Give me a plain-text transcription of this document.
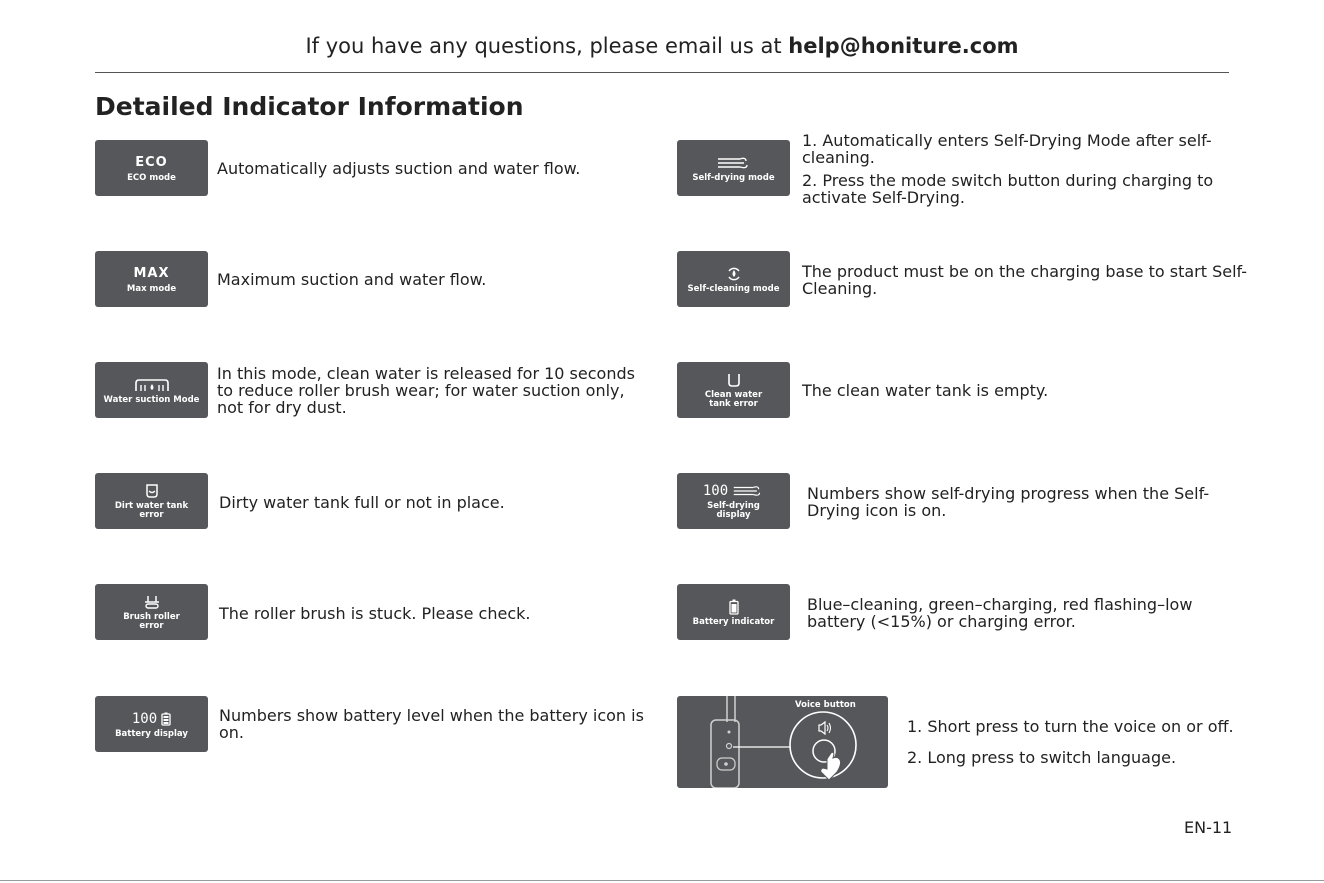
If you have any questions, please email us at help@honiture.com
Detailed Indicator Information
ECO
ECO mode	Automatically adjusts suction and water flow.

MAX
Max mode	Maximum suction and water flow.

Water suction Mode

In this mode, clean water is released for 10 seconds

to reduce roller brush wear; for water suction only,

not for dry dust.

Dirt water tank
error

Dirty water tank full or not in place.

Brush roller
error

The roller brush is stuck. Please check.

100
Battery display

Numbers show battery level when the battery icon is

on.

Self-drying mode

1. Automatically enters Self-Drying Mode after self-

cleaning.

2. Press the mode switch button during charging to

activate Self-Drying.

Self-cleaning mode

The product must be on the charging base to start Self-

Cleaning.

Clean water
tank error

The clean water tank is empty.

100
Self-drying
display

Numbers show self-drying progress when the Self-

Drying icon is on.

Battery indicator

Blue–cleaning, green–charging, red flashing–low

battery (<15%) or charging error.

Voice button
1. Short press to turn the voice on or off.
2. Long press to switch language.
EN-11
